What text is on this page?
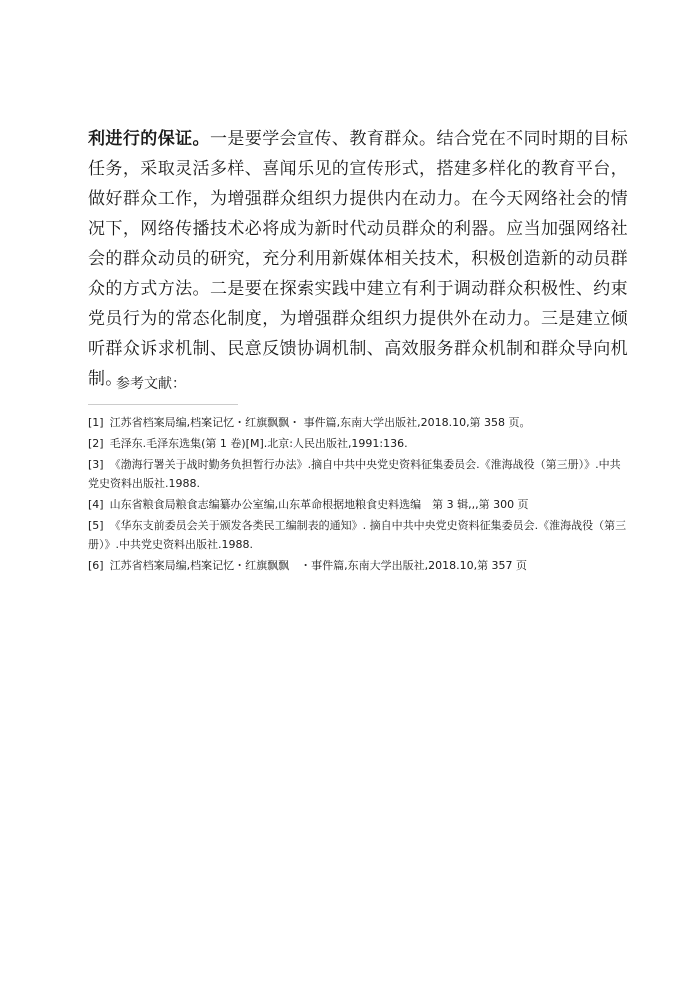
利进行的保证。一是要学会宣传、教育群众。结合党在不同时期的目标任务，采取灵活多样、喜闻乐见的宣传形式，搭建多样化的教育平台，做好群众工作，为增强群众组织力提供内在动力。在今天网络社会的情况下，网络传播技术必将成为新时代动员群众的利器。应当加强网络社会的群众动员的研究，充分利用新媒体相关技术，积极创造新的动员群众的方式方法。二是要在探索实践中建立有利于调动群众积极性、约束党员行为的常态化制度，为增强群众组织力提供外在动力。三是建立倾听群众诉求机制、民意反馈协调机制、高效服务群众机制和群众导向机制。

参考文献：
[1] 江苏省档案局编,档案记忆・红旗飘飘・ 事件篇,东南大学出版社,2018.10,第 358 页。
[2] 毛泽东.毛泽东选集(第 1 卷)[M].北京:人民出版社,1991:136.
[3] 《渤海行署关于战时勤务负担暂行办法》.摘自中共中央党史资料征集委员会.《淮海战役（第三册）》.中共党史资料出版社.1988.
[4] 山东省粮食局粮食志编纂办公室编,山东革命根据地粮食史料选编　第 3 辑,,,第 300 页
[5] 《华东支前委员会关于颁发各类民工编制表的通知》. 摘自中共中央党史资料征集委员会.《淮海战役（第三册）》.中共党史资料出版社.1988.
[6] 江苏省档案局编,档案记忆・红旗飘飘　・事件篇,东南大学出版社,2018.10,第 357 页
